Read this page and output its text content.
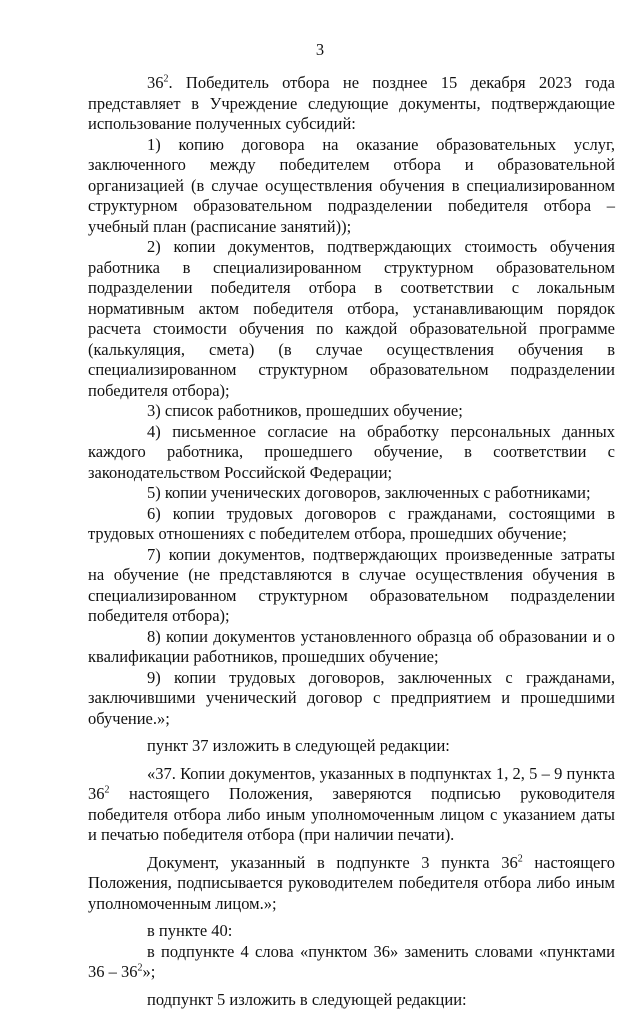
3

$36^2$. Победитель отбора не позднее 15 декабря 2023 года представляет в Учреждение следующие документы, подтверждающие использование полученных субсидий:

1) копию договора на оказание образовательных услуг, заключенного между победителем отбора и образовательной организацией (в случае осуществления обучения в специализированном структурном образовательном подразделении победителя отбора – учебный план (расписание занятий));

2) копии документов, подтверждающих стоимость обучения работника в специализированном структурном образовательном подразделении победителя отбора в соответствии с локальным нормативным актом победителя отбора, устанавливающим порядок расчета стоимости обучения по каждой образовательной программе (калькуляция, смета) (в случае осуществления обучения в специализированном структурном образовательном подразделении победителя отбора);

3) список работников, прошедших обучение;

4) письменное согласие на обработку персональных данных каждого работника, прошедшего обучение, в соответствии с законодательством Российской Федерации;

5) копии ученических договоров, заключенных с работниками;

6) копии трудовых договоров с гражданами, состоящими в трудовых отношениях с победителем отбора, прошедших обучение;

7) копии документов, подтверждающих произведенные затраты на обучение (не представляются в случае осуществления обучения в специализированном структурном образовательном подразделении победителя отбора);

8) копии документов установленного образца об образовании и о квалификации работников, прошедших обучение;

9) копии трудовых договоров, заключенных с гражданами, заключившими ученический договор с предприятием и прошедшими обучение.»;

пункт 37 изложить в следующей редакции:

«37. Копии документов, указанных в подпунктах 1, 2, 5 – 9 пункта $36^2$ настоящего Положения, заверяются подписью руководителя победителя отбора либо иным уполномоченным лицом с указанием даты и печатью победителя отбора (при наличии печати).

Документ, указанный в подпункте 3 пункта $36^2$ настоящего Положения, подписывается руководителем победителя отбора либо иным уполномоченным лицом.»;

в пункте 40:

в подпункте 4 слова «пунктом 36» заменить словами «пунктами $36 - 36^2$»;

подпункт 5 изложить в следующей редакции:
